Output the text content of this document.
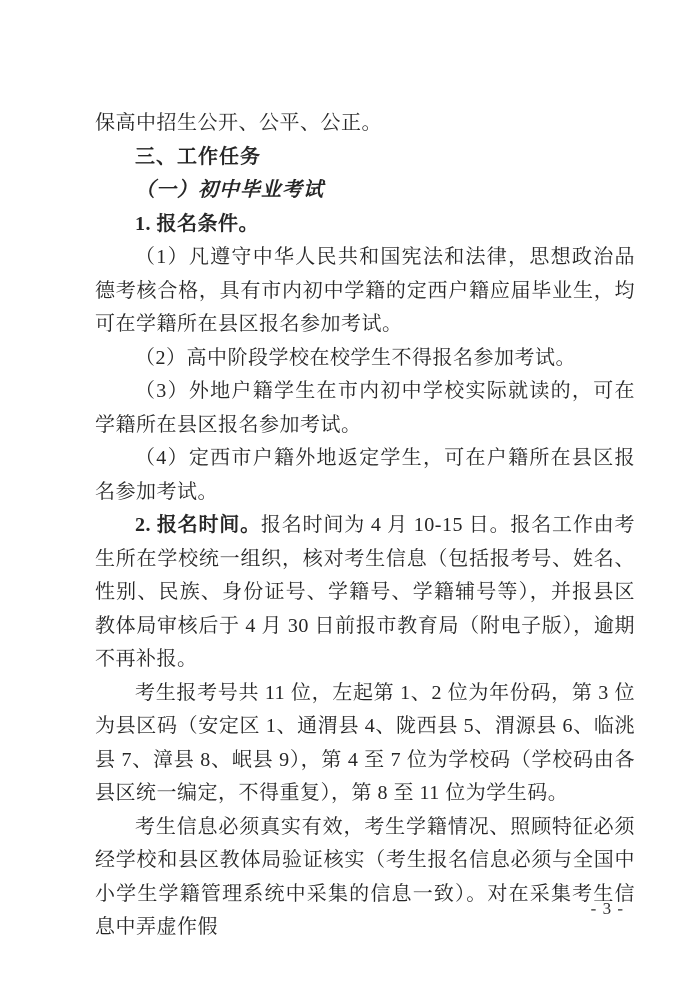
保高中招生公开、公平、公正。

三、工作任务

（一）初中毕业考试

1. 报名条件。

（1）凡遵守中华人民共和国宪法和法律，思想政治品德考核合格，具有市内初中学籍的定西户籍应届毕业生，均可在学籍所在县区报名参加考试。

（2）高中阶段学校在校学生不得报名参加考试。

（3）外地户籍学生在市内初中学校实际就读的，可在学籍所在县区报名参加考试。

（4）定西市户籍外地返定学生，可在户籍所在县区报名参加考试。

2. 报名时间。报名时间为 4 月 10-15 日。报名工作由考生所在学校统一组织，核对考生信息（包括报考号、姓名、性别、民族、身份证号、学籍号、学籍辅号等），并报县区教体局审核后于 4 月 30 日前报市教育局（附电子版），逾期不再补报。

考生报考号共 11 位，左起第 1、2 位为年份码，第 3 位为县区码（安定区 1、通渭县 4、陇西县 5、渭源县 6、临洮县 7、漳县 8、岷县 9），第 4 至 7 位为学校码（学校码由各县区统一编定，不得重复），第 8 至 11 位为学生码。

考生信息必须真实有效，考生学籍情况、照顾特征必须经学校和县区教体局验证核实（考生报名信息必须与全国中小学生学籍管理系统中采集的信息一致）。对在采集考生信息中弄虚作假

- 3 -
